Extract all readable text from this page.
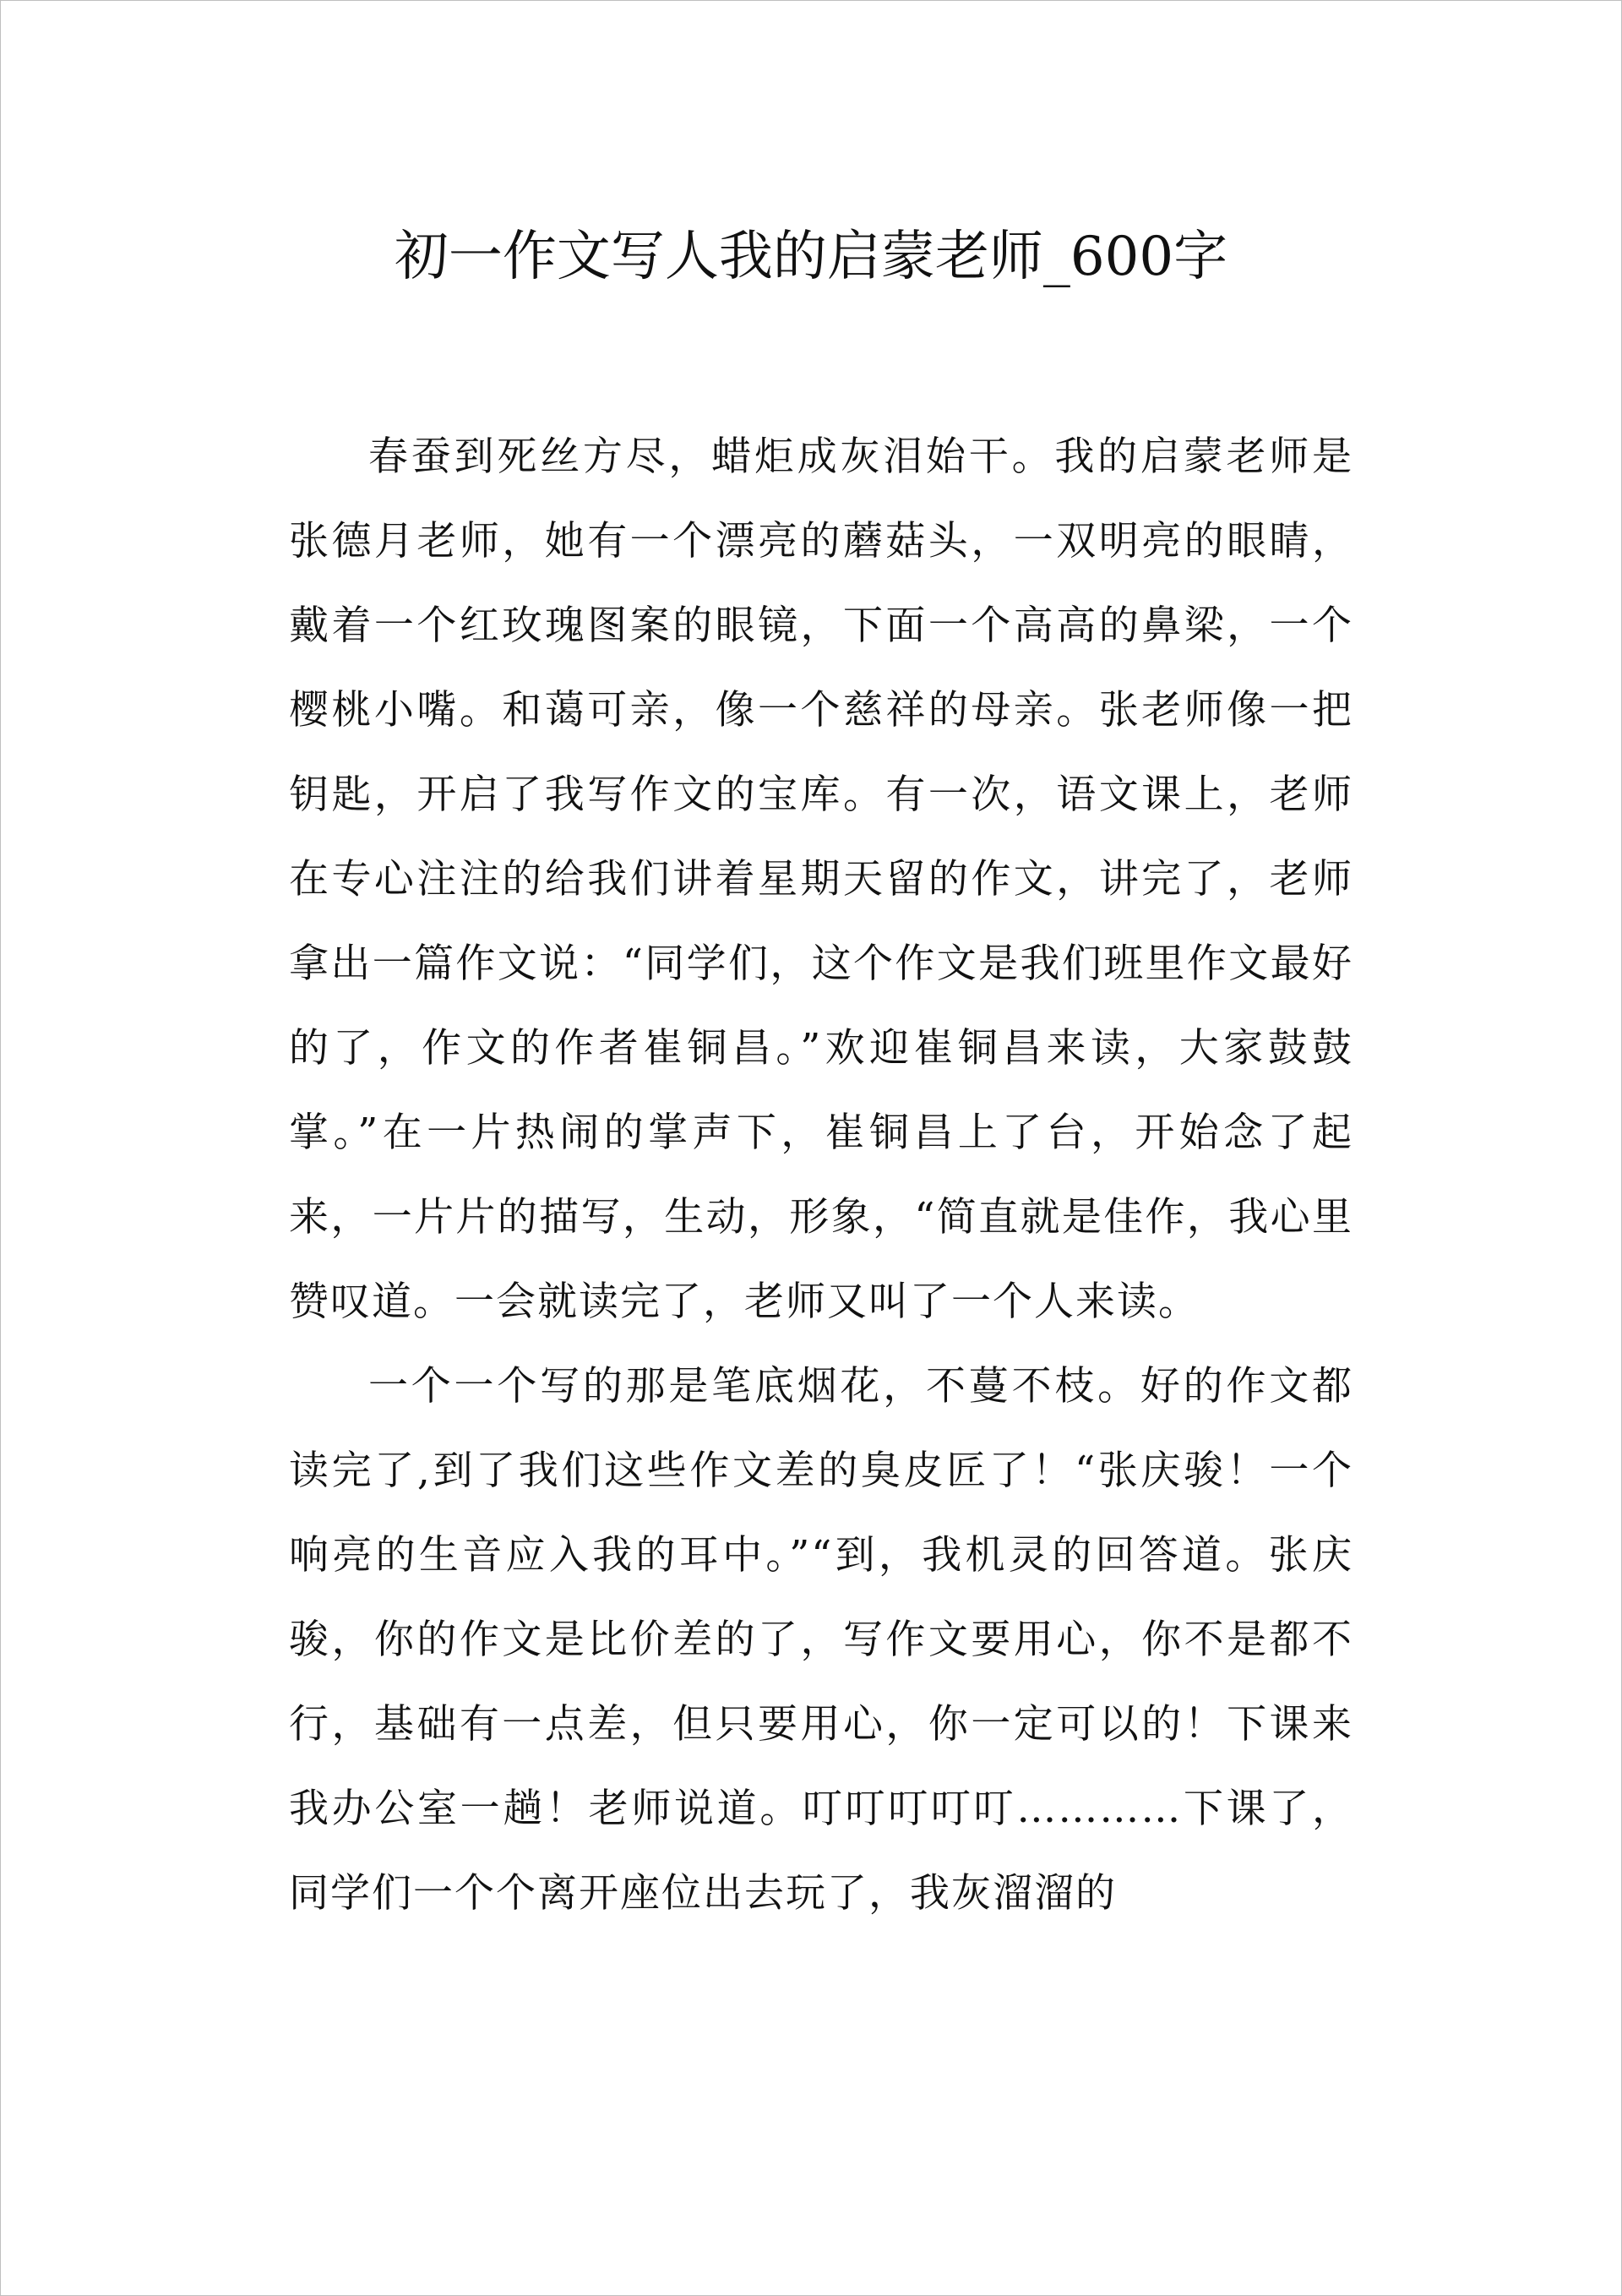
初一作文写人我的启蒙老师_600字

春蚕到死丝方尽，蜡炬成灰泪始干。我的启蒙老师是张德月老师，她有一个漂亮的蘑菇头，一双明亮的眼睛，戴着一个红玫瑰图案的眼镜，下面一个高高的鼻梁，一个樱桃小嘴。和蔼可亲，像一个慈祥的母亲。张老师像一把钥匙，开启了我写作文的宝库。有一次，语文课上，老师在专心注注的给我们讲着星期天留的作文，讲完了，老师拿出一篇作文说：“同学们，这个作文是我们班里作文最好的了，作文的作者崔铜昌。”欢迎崔铜昌来读，大家鼓鼓掌。”在一片热闹的掌声下，崔铜昌上了台，开始念了起来，一片片的描写，生动，形象，“简直就是佳作，我心里赞叹道。一会就读完了，老师又叫了一个人来读。

一个一个写的那是笔底烟花，不蔓不枝。好的作文都读完了,到了我们这些作文差的臭皮匠了！“张庆骏！一个响亮的生音应入我的耳中。”“到，我机灵的回答道。张庆骏，你的作文是比价差的了，写作文要用心，你不是都不行，基础有一点差，但只要用心，你一定可以的！下课来我办公室一趟！老师说道。叮叮叮叮叮…………下课了，同学们一个个离开座位出去玩了，我灰溜溜的
